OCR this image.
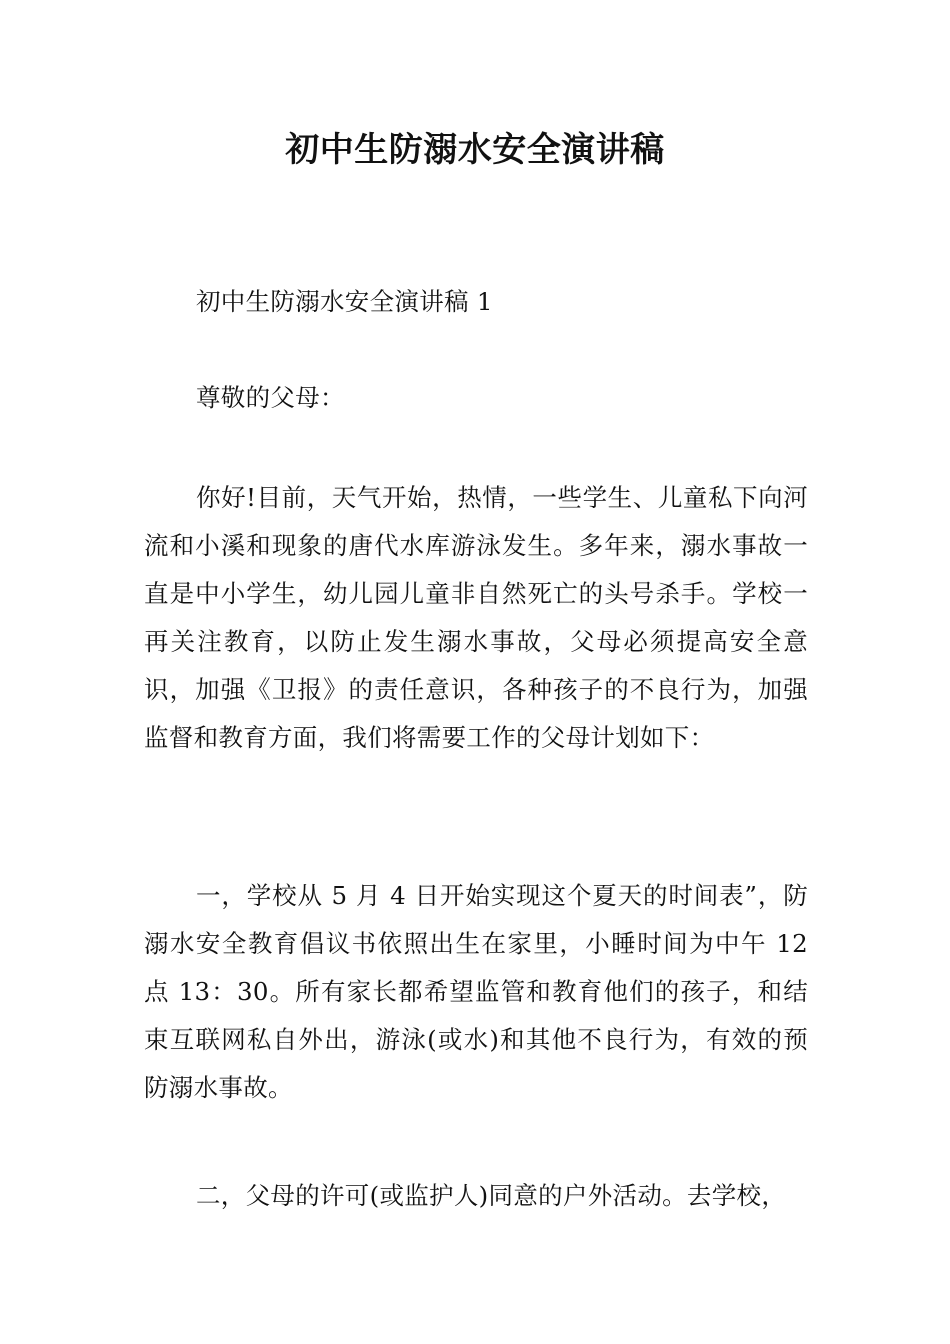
初中生防溺水安全演讲稿

初中生防溺水安全演讲稿 1

尊敬的父母：

你好!目前，天气开始，热情，一些学生、儿童私下向河流和小溪和现象的唐代水库游泳发生。多年来，溺水事故一直是中小学生，幼儿园儿童非自然死亡的头号杀手。学校一再关注教育，以防止发生溺水事故，父母必须提高安全意识，加强《卫报》的责任意识，各种孩子的不良行为，加强监督和教育方面，我们将需要工作的父母计划如下：

一，学校从 5 月 4 日开始实现这个夏天的时间表”，防溺水安全教育倡议书依照出生在家里，小睡时间为中午 12 点 13：30。所有家长都希望监管和教育他们的孩子，和结束互联网私自外出，游泳(或水)和其他不良行为，有效的预防溺水事故。

二，父母的许可(或监护人)同意的户外活动。去学校，
